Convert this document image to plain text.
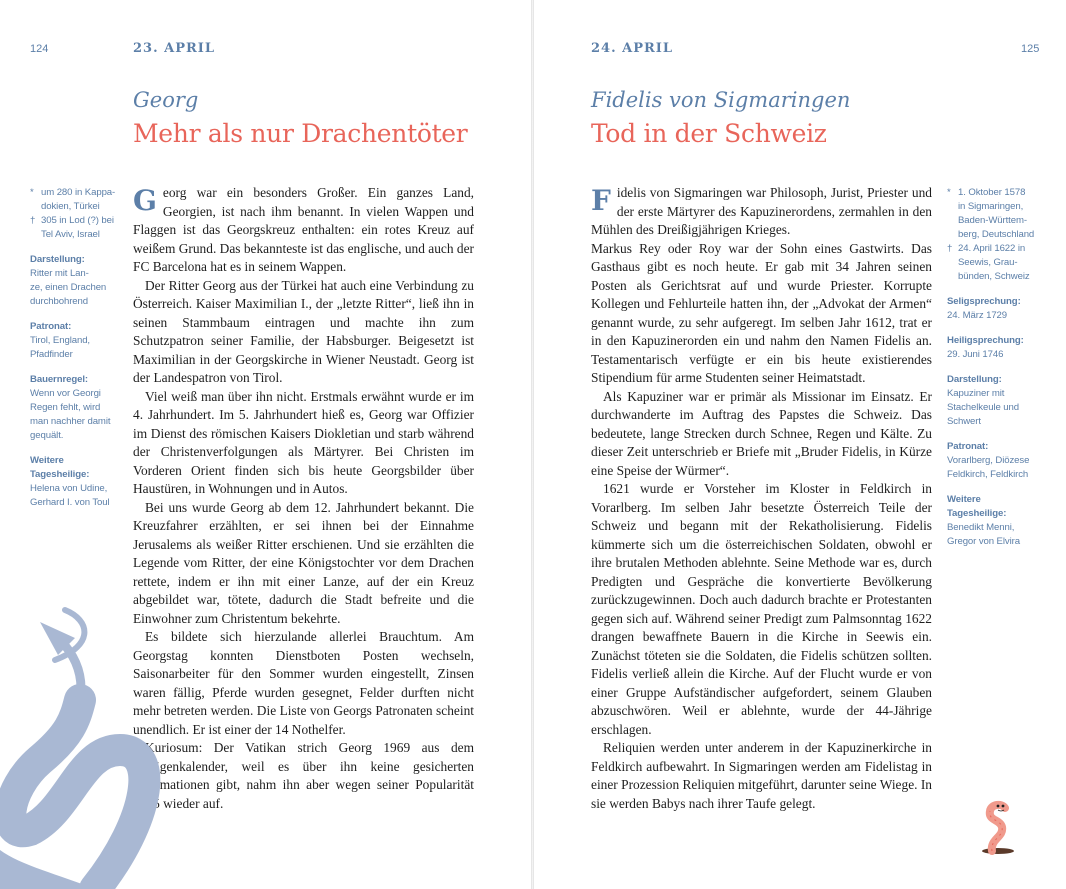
124	23. APRIL
Georg
Mehr als nur Drachentöter
* um 280 in Kappa-
dokien, Türkei
† 305 in Lod (?) bei
Tel Aviv, Israel
Darstellung:
Ritter mit Lan-
ze, einen Drachen
durchbohrend
Patronat:
Tirol, England,
Pfadfinder
Bauernregel:
Wenn vor Georgi
Regen fehlt, wird
man nachher damit
gequält.
Weitere
Tagesheilige:
Helena von Udine,
Gerhard I. von Toul

Georg war ein besonders Großer. Ein ganzes Land, Georgien, ist nach ihm benannt. In vielen Wappen und Flaggen ist das Georgskreuz enthalten: ein rotes Kreuz auf weißem Grund. Das bekannteste ist das englische, und auch der FC Barcelona hat es in seinem Wappen.

Der Ritter Georg aus der Türkei hat auch eine Verbindung zu Österreich. Kaiser Maximilian I., der „letzte Ritter“, ließ ihn in seinen Stammbaum eintragen und machte ihn zum Schutzpatron seiner Familie, der Habsburger. Beigesetzt ist Maximilian in der Georgskirche in Wiener Neustadt. Georg ist der Landespatron von Tirol.

Viel weiß man über ihn nicht. Erstmals erwähnt wurde er im 4. Jahrhundert. Im 5. Jahrhundert hieß es, Georg war Offizier im Dienst des römischen Kaisers Diokletian und starb während der Christenverfolgungen als Märtyrer. Bei Christen im Vorderen Orient finden sich bis heute Georgsbilder über Haustüren, in Wohnungen und in Autos.

Bei uns wurde Georg ab dem 12. Jahrhundert bekannt. Die Kreuzfahrer erzählten, er sei ihnen bei der Einnahme Jerusalems als weißer Ritter erschienen. Und sie erzählten die Legende vom Ritter, der eine Königstochter vor dem Drachen rettete, indem er ihn mit einer Lanze, auf der ein Kreuz abgebildet war, tötete, dadurch die Stadt befreite und die Einwohner zum Christentum bekehrte.

Es bildete sich hierzulande allerlei Brauchtum. Am Georgstag konnten Dienstboten Posten wechseln, Saisonarbeiter für den Sommer wurden eingestellt, Zinsen waren fällig, Pferde wurden gesegnet, Felder durften nicht mehr betreten werden. Die Liste von Georgs Patronaten scheint unendlich. Er ist einer der 14 Nothelfer.

Kuriosum: Der Vatikan strich Georg 1969 aus dem Heiligenkalender, weil es über ihn keine gesicherten Informationen gibt, nahm ihn aber wegen seiner Popularität 1975 wieder auf.

24. APRIL	125
Fidelis von Sigmaringen
Tod in der Schweiz

Fidelis von Sigmaringen war Philosoph, Jurist, Priester und der erste Märtyrer des Kapuzinerordens, zermahlen in den Mühlen des Dreißigjährigen Krieges.

Markus Rey oder Roy war der Sohn eines Gastwirts. Das Gasthaus gibt es noch heute. Er gab mit 34 Jahren seinen Posten als Gerichtsrat auf und wurde Priester. Korrupte Kollegen und Fehlurteile hatten ihn, der „Advokat der Armen“ genannt wurde, zu sehr aufgeregt. Im selben Jahr 1612, trat er in den Kapuzinerorden ein und nahm den Namen Fidelis an. Testamentarisch verfügte er ein bis heute existierendes Stipendium für arme Studenten seiner Heimatstadt.

Als Kapuziner war er primär als Missionar im Einsatz. Er durchwanderte im Auftrag des Papstes die Schweiz. Das bedeutete, lange Strecken durch Schnee, Regen und Kälte. Zu dieser Zeit unterschrieb er Briefe mit „Bruder Fidelis, in Kürze eine Speise der Würmer“.

1621 wurde er Vorsteher im Kloster in Feldkirch in Vorarlberg. Im selben Jahr besetzte Österreich Teile der Schweiz und begann mit der Rekatholisierung. Fidelis kümmerte sich um die österreichischen Soldaten, obwohl er ihre brutalen Methoden ablehnte. Seine Methode war es, durch Predigten und Gespräche die konvertierte Bevölkerung zurückzugewinnen. Doch auch dadurch brachte er Protestanten gegen sich auf. Während seiner Predigt zum Palmsonntag 1622 drangen bewaffnete Bauern in die Kirche in Seewis ein. Zunächst töteten sie die Soldaten, die Fidelis schützen sollten. Fidelis verließ allein die Kirche. Auf der Flucht wurde er von einer Gruppe Aufständischer aufgefordert, seinem Glauben abzuschwören. Weil er ablehnte, wurde der 44-Jährige erschlagen.

Reliquien werden unter anderem in der Kapuzinerkirche in Feldkirch aufbewahrt. In Sigmaringen werden am Fidelistag in einer Prozession Reliquien mitgeführt, darunter seine Wiege. In sie werden Babys nach ihrer Taufe gelegt.

* 1. Oktober 1578
in Sigmaringen,
Baden-Württem-
berg, Deutschland
† 24. April 1622 in
Seewis, Grau-
bünden, Schweiz
Seligsprechung:
24. März 1729
Heiligsprechung:
29. Juni 1746
Darstellung:
Kapuziner mit
Stachelkeule und
Schwert
Patronat:
Vorarlberg, Diözese
Feldkirch, Feldkirch
Weitere
Tagesheilige:
Benedikt Menni,
Gregor von Elvira
